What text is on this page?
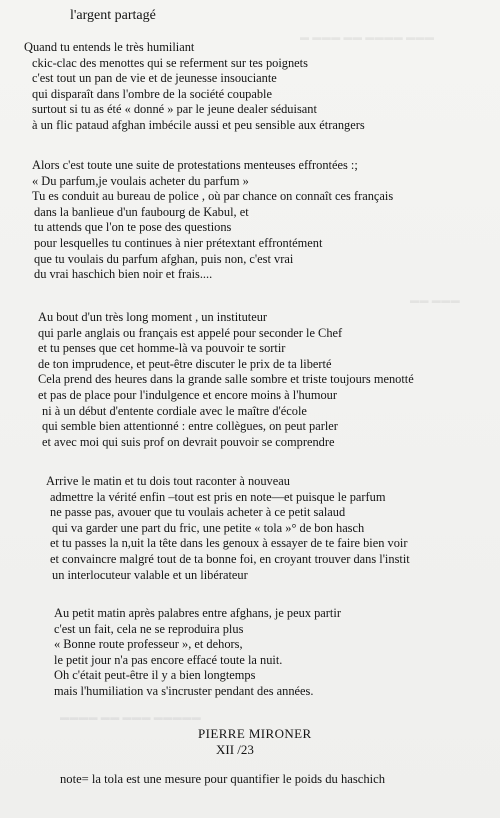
▬ ▬▬▬ ▬▬ ▬▬▬▬ ▬▬▬
▬▬ ▬▬▬
▬▬▬▬ ▬▬ ▬▬▬ ▬▬▬▬▬
l'argent partagé
Quand tu entends le très humiliant
ckic-clac des menottes qui se referment sur tes poignets
c'est tout un pan de vie et de jeunesse insouciante
qui disparaît dans l'ombre de la société coupable
surtout si tu as été « donné » par le jeune dealer séduisant
à un flic pataud afghan imbécile aussi et peu sensible aux étrangers
Alors c'est toute une suite de protestations menteuses effrontées :;
« Du parfum,je voulais acheter du parfum »
Tu es conduit au bureau de police , où par chance on connaît ces français
dans la banlieue d'un faubourg de Kabul, et
tu attends que l'on te pose des questions
pour lesquelles tu continues à nier prétextant effrontément
que tu voulais du parfum afghan, puis non, c'est vrai
du vrai haschich bien noir et frais....
Au bout d'un très long moment , un instituteur
qui parle anglais ou français est appelé pour seconder le Chef
et tu penses que cet homme-là va pouvoir te sortir
de ton imprudence, et peut-être discuter le prix de ta liberté
Cela prend des heures dans la grande salle sombre et triste toujours menotté
et pas de place pour l'indulgence et encore moins à l'humour
ni à un début d'entente cordiale avec le maître d'école
qui semble bien attentionné : entre collègues, on peut parler
et avec moi qui suis prof on devrait pouvoir se comprendre
Arrive le matin et tu dois tout raconter à nouveau
admettre la vérité enfin –tout est pris en note—et puisque le parfum
ne passe pas, avouer que tu voulais acheter à ce petit salaud
qui va garder une part du fric, une petite « tola »° de bon hasch
et tu passes la n,uit la tête dans les genoux à essayer de te faire bien voir
et convaincre malgré tout de ta bonne foi, en croyant trouver dans l'instit
un interlocuteur valable et un libérateur
Au petit matin après palabres entre afghans, je peux partir
c'est un fait, cela ne se reproduira plus
« Bonne route professeur », et dehors,
le petit jour n'a pas encore effacé toute la nuit.
Oh c'était peut-être il y a bien longtemps
mais l'humiliation va s'incruster pendant des années.
PIERRE MIRONER
XII /23
note= la tola est une mesure pour quantifier le poids du haschich
